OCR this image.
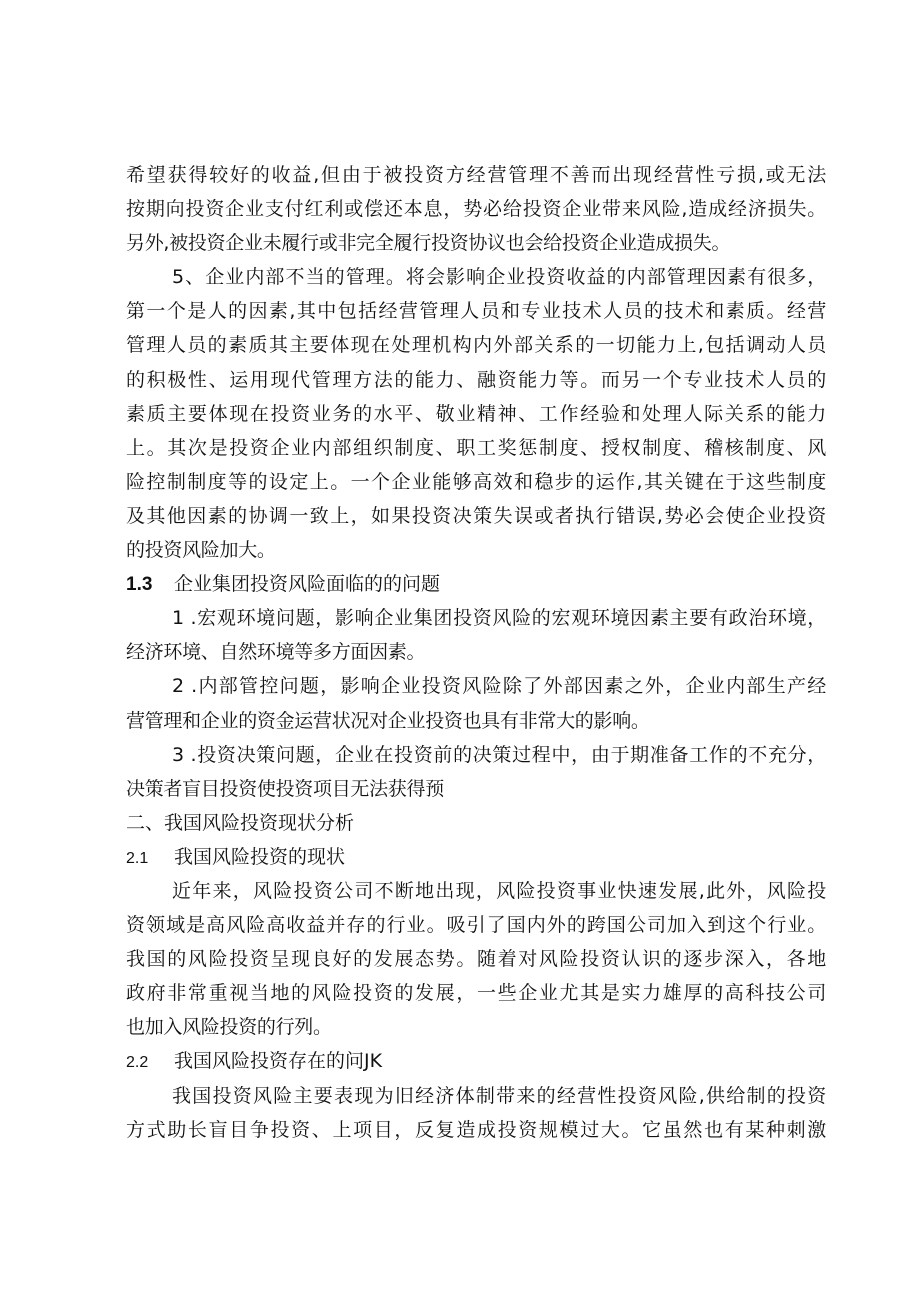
希望获得较好的收益,但由于被投资方经营管理不善而出现经营性亏损,或无法
按期向投资企业支付红利或偿还本息，势必给投资企业带来风险,造成经济损失。
另外,被投资企业未履行或非完全履行投资协议也会给投资企业造成损失。
5、企业内部不当的管理。将会影响企业投资收益的内部管理因素有很多，
第一个是人的因素,其中包括经营管理人员和专业技术人员的技术和素质。经营
管理人员的素质其主要体现在处理机构内外部关系的一切能力上,包括调动人员
的积极性、运用现代管理方法的能力、融资能力等。而另一个专业技术人员的
素质主要体现在投资业务的水平、敬业精神、工作经验和处理人际关系的能力
上。其次是投资企业内部组织制度、职工奖惩制度、授权制度、稽核制度、风
险控制制度等的设定上。一个企业能够高效和稳步的运作,其关键在于这些制度
及其他因素的协调一致上，如果投资决策失误或者执行错误,势必会使企业投资
的投资风险加大。
1.3 企业集团投资风险面临的的问题
1 .宏观环境问题，影响企业集团投资风险的宏观环境因素主要有政治环境，
经济环境、自然环境等多方面因素。
2 .内部管控问题，影响企业投资风险除了外部因素之外，企业内部生产经
营管理和企业的资金运营状况对企业投资也具有非常大的影响。
3 .投资决策问题，企业在投资前的决策过程中，由于期准备工作的不充分，
决策者盲目投资使投资项目无法获得预
二、我国风险投资现状分析
2.1 我国风险投资的现状
近年来，风险投资公司不断地出现，风险投资事业快速发展,此外，风险投
资领域是高风险高收益并存的行业。吸引了国内外的跨国公司加入到这个行业。
我国的风险投资呈现良好的发展态势。随着对风险投资认识的逐步深入，各地
政府非常重视当地的风险投资的发展，一些企业尤其是实力雄厚的高科技公司
也加入风险投资的行列。
2.2 我国风险投资存在的问JK
我国投资风险主要表现为旧经济体制带来的经营性投资风险,供给制的投资
方式助长盲目争投资、上项目，反复造成投资规模过大。它虽然也有某种刺激
